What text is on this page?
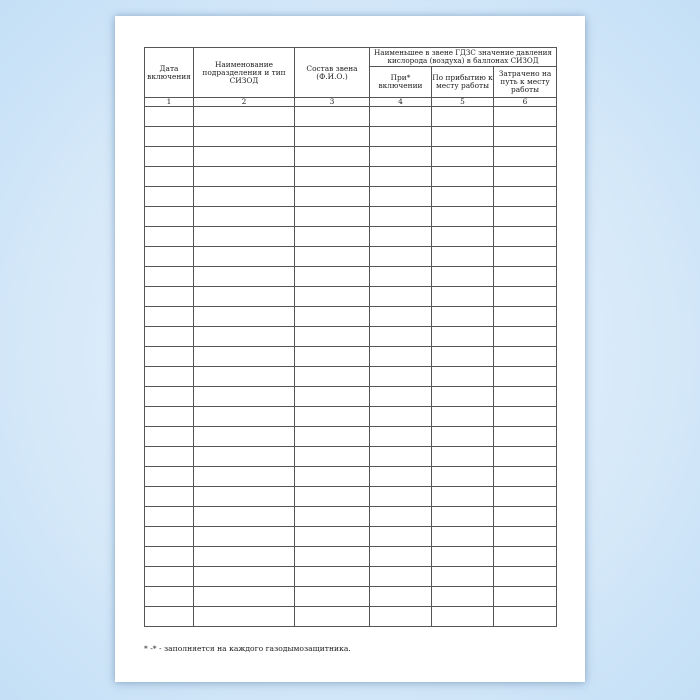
Дата включения	Наименование подразделения и тип СИЗОД	Состав звена (Ф.И.О.)	Наименьшее в звене ГДЗС значение давления кислорода (воздуха) в баллонах СИЗОД		
			При* включении	По прибытию к месту работы	Затрачено на путь к месту работы
1	2	3	4	5	6

* -* - заполняется на каждого газодымозащитника.
